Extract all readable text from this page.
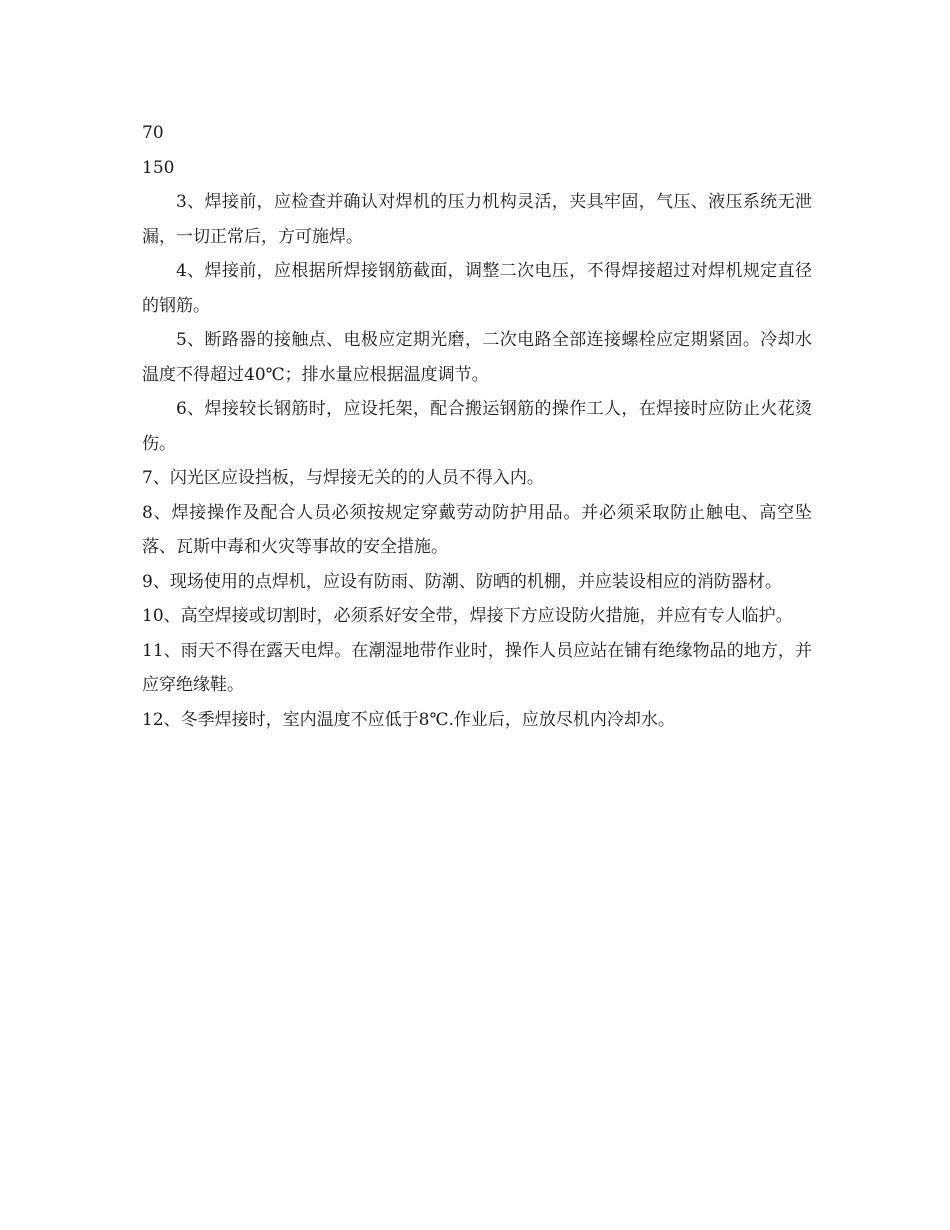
70

150

3、焊接前，应检查并确认对焊机的压力机构灵活，夹具牢固，气压、液压系统无泄漏，一切正常后，方可施焊。

4、焊接前，应根据所焊接钢筋截面，调整二次电压，不得焊接超过对焊机规定直径的钢筋。

5、断路器的接触点、电极应定期光磨，二次电路全部连接螺栓应定期紧固。冷却水温度不得超过40℃；排水量应根据温度调节。

6、焊接较长钢筋时，应设托架，配合搬运钢筋的操作工人，在焊接时应防止火花烫伤。

7、闪光区应设挡板，与焊接无关的的人员不得入内。

8、焊接操作及配合人员必须按规定穿戴劳动防护用品。并必须采取防止触电、高空坠落、瓦斯中毒和火灾等事故的安全措施。

9、现场使用的点焊机，应设有防雨、防潮、防晒的机棚，并应装设相应的消防器材。

10、高空焊接或切割时，必须系好安全带，焊接下方应设防火措施，并应有专人临护。

11、雨天不得在露天电焊。在潮湿地带作业时，操作人员应站在铺有绝缘物品的地方，并应穿绝缘鞋。

12、冬季焊接时，室内温度不应低于8℃.作业后，应放尽机内冷却水。
